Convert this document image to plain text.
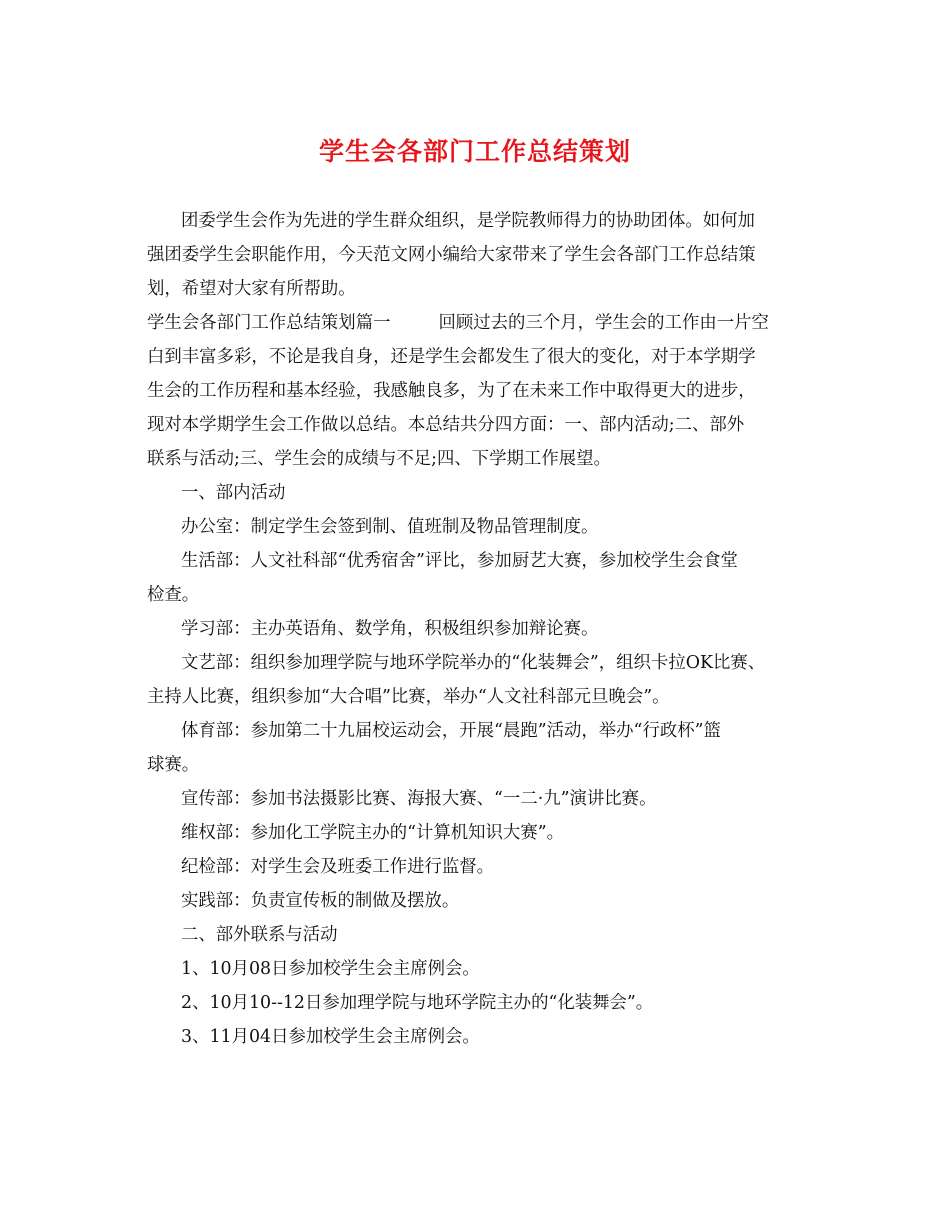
学生会各部门工作总结策划

团委学生会作为先进的学生群众组织，是学院教师得力的协助团体。如何加

强团委学生会职能作用，今天范文网小编给大家带来了学生会各部门工作总结策

划，希望对大家有所帮助。

学生会各部门工作总结策划篇一	回顾过去的三个月，学生会的工作由一片空

白到丰富多彩，不论是我自身，还是学生会都发生了很大的变化，对于本学期学

生会的工作历程和基本经验，我感触良多，为了在未来工作中取得更大的进步，

现对本学期学生会工作做以总结。本总结共分四方面：一、部内活动;二、部外

联系与活动;三、学生会的成绩与不足;四、下学期工作展望。

一、部内活动

办公室：制定学生会签到制、值班制及物品管理制度。

生活部：人文社科部“优秀宿舍”评比，参加厨艺大赛，参加校学生会食堂

检查。

学习部：主办英语角、数学角，积极组织参加辩论赛。

文艺部：组织参加理学院与地环学院举办的“化装舞会”，组织卡拉OK比赛、

主持人比赛，组织参加“大合唱”比赛，举办“人文社科部元旦晚会”。

体育部：参加第二十九届校运动会，开展“晨跑”活动，举办“行政杯”篮

球赛。

宣传部：参加书法摄影比赛、海报大赛、“一二·九”演讲比赛。

维权部：参加化工学院主办的“计算机知识大赛”。

纪检部：对学生会及班委工作进行监督。

实践部：负责宣传板的制做及摆放。

二、部外联系与活动

1、10月08日参加校学生会主席例会。

2、10月10--12日参加理学院与地环学院主办的“化装舞会”。

3、11月04日参加校学生会主席例会。
